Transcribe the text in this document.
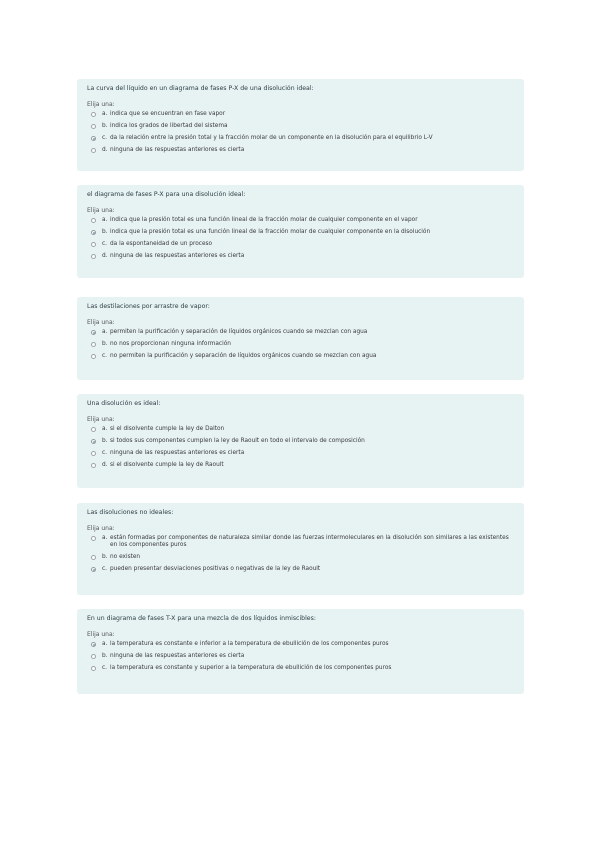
La curva del líquido en un diagrama de fases P-X de una disolución ideal:
Elija una:
a. indica que se encuentran en fase vapor
b. indica los grados de libertad del sistema
c. da la relación entre la presión total y la fracción molar de un componente en la disolución para el equilibrio L-V
d. ninguna de las respuestas anteriores es cierta
el diagrama de fases P-X para una disolución ideal:
Elija una:
a. indica que la presión total es una función lineal de la fracción molar de cualquier componente en el vapor
b. indica que la presión total es una función lineal de la fracción molar de cualquier componente en la disolución
c. da la espontaneidad de un proceso
d. ninguna de las respuestas anteriores es cierta
Las destilaciones por arrastre de vapor:
Elija una:
a. permiten la purificación y separación de líquidos orgánicos cuando se mezclan con agua
b. no nos proporcionan ninguna información
c. no permiten la purificación y separación de líquidos orgánicos cuando se mezclan con agua
Una disolución es ideal:
Elija una:
a. si el disolvente cumple la ley de Dalton
b. si todos sus componentes cumplen la ley de Raoult en todo el intervalo de composición
c. ninguna de las respuestas anteriores es cierta
d. si el disolvente cumple la ley de Raoult
Las disoluciones no ideales:
Elija una:
a. están formadas por componentes de naturaleza similar donde las fuerzas intermoleculares en la disolución son similares a las existentes en los componentes puros
b. no existen
c. pueden presentar desviaciones positivas o negativas de la ley de Raoult
En un diagrama de fases T-X para una mezcla de dos líquidos inmiscibles:
Elija una:
a. la temperatura es constante e inferior a la temperatura de ebullición de los componentes puros
b. ninguna de las respuestas anteriores es cierta
c. la temperatura es constante y superior a la temperatura de ebullición de los componentes puros
